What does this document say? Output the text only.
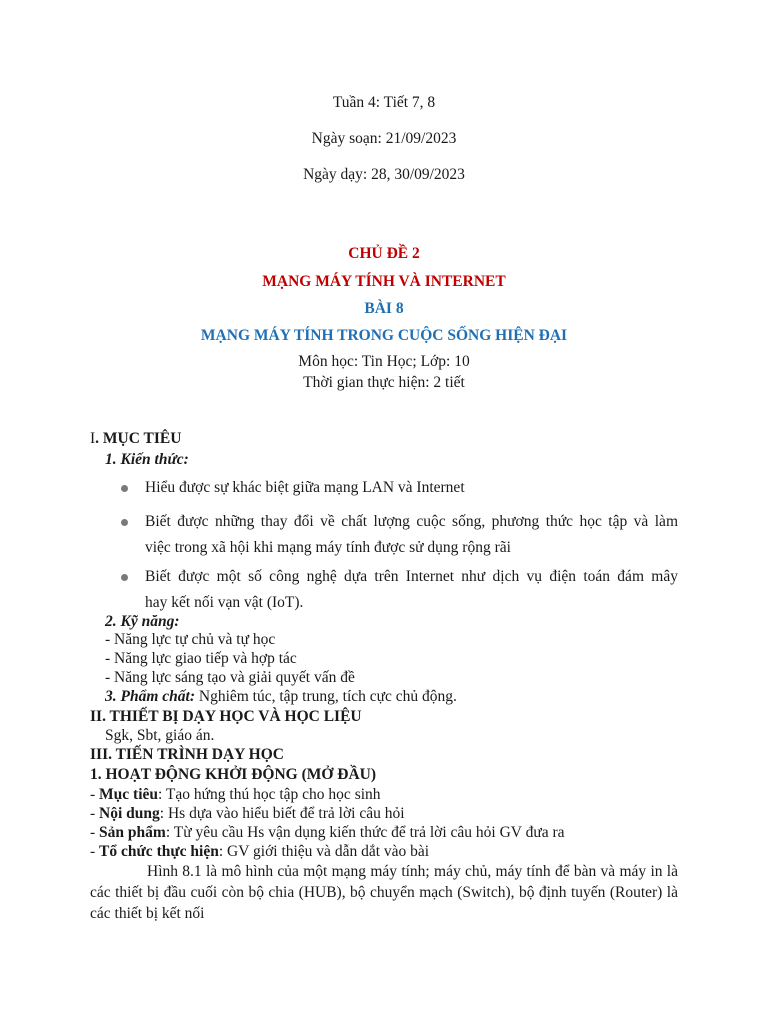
Tuần 4: Tiết 7, 8
Ngày soạn: 21/09/2023
Ngày dạy: 28, 30/09/2023
CHỦ ĐỀ 2
MẠNG MÁY TÍNH VÀ INTERNET
BÀI 8
MẠNG MÁY TÍNH TRONG CUỘC SỐNG HIỆN ĐẠI
Môn học: Tin Học; Lớp: 10
Thời gian thực hiện: 2 tiết
I. MỤC TIÊU
1. Kiến thức:
Hiểu được sự khác biệt giữa mạng LAN và Internet
Biết được những thay đổi về chất lượng cuộc sống, phương thức học tập và làm
việc trong xã hội khi mạng máy tính được sử dụng rộng rãi
Biết được một số công nghệ dựa trên Internet như dịch vụ điện toán đám mây
hay kết nối vạn vật (IoT).
2. Kỹ năng:
- Năng lực tự chủ và tự học
- Năng lực giao tiếp và hợp tác
- Năng lực sáng tạo và giải quyết vấn đề
3. Phẩm chất: Nghiêm túc, tập trung, tích cực chủ động.
II. THIẾT BỊ DẠY HỌC VÀ HỌC LIỆU
Sgk, Sbt, giáo án.
III. TIẾN TRÌNH DẠY HỌC
1. HOẠT ĐỘNG KHỞI ĐỘNG (MỞ ĐẦU)
- Mục tiêu: Tạo hứng thú học tập cho học sinh
- Nội dung: Hs dựa vào hiểu biết để trả lời câu hỏi
- Sản phẩm: Từ yêu cầu Hs vận dụng kiến thức để trả lời câu hỏi GV đưa ra
- Tổ chức thực hiện: GV giới thiệu và dẫn dắt vào bài
Hình 8.1 là mô hình của một mạng máy tính; máy chủ, máy tính để bàn và máy in là các thiết bị đầu cuối còn bộ chia (HUB), bộ chuyển mạch (Switch), bộ định tuyến (Router) là các thiết bị kết nối
